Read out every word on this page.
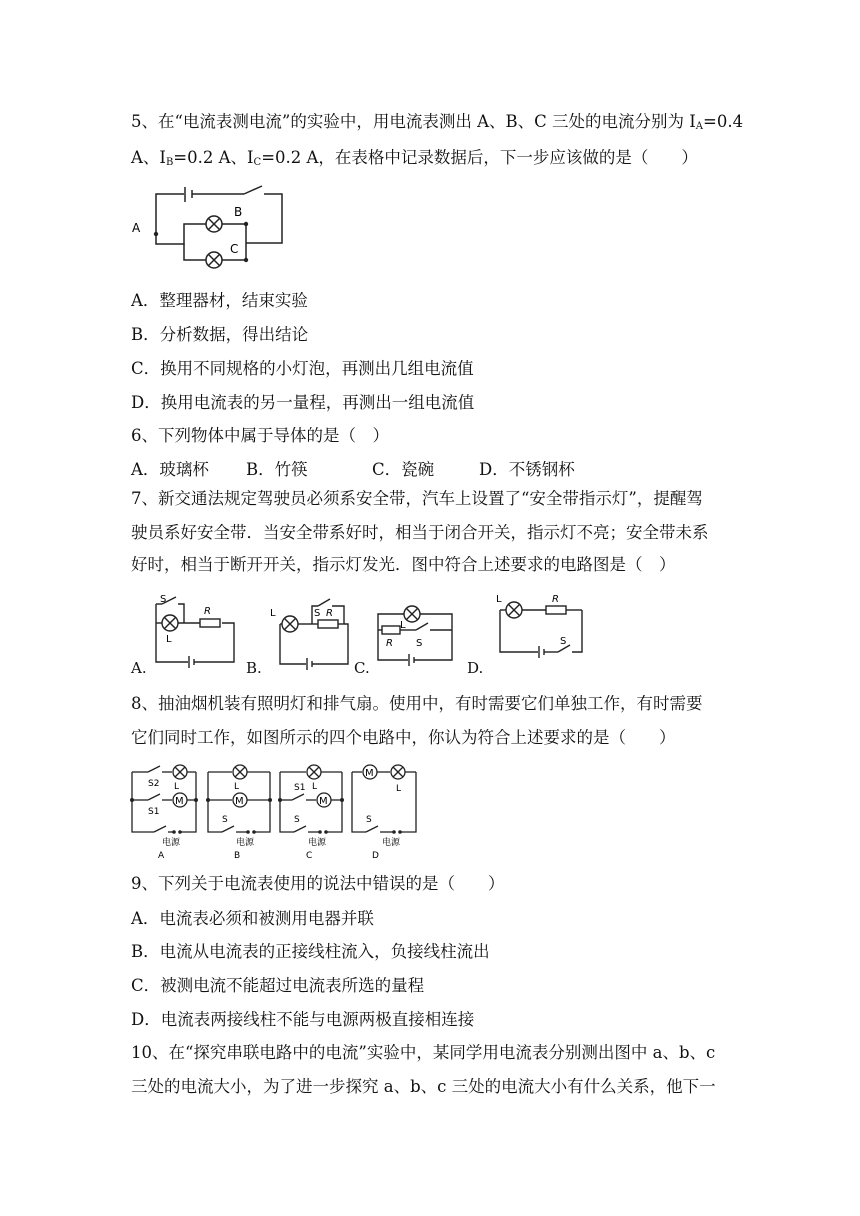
5、在“电流表测电流”的实验中，用电流表测出 A、B、C 三处的电流分别为 $I_A=0.4$
A、$I_B=0.2$ A、$I_C=0.2$ A，在表格中记录数据后，下一步应该做的是（　　）
A
B
C
A．整理器材，结束实验
B．分析数据，得出结论
C．换用不同规格的小灯泡，再测出几组电流值
D．换用电流表的另一量程，再测出一组电流值
6、下列物体中属于导体的是（　）
A．玻璃杯 B．竹筷	C．瓷碗	D．不锈钢杯
7、新交通法规定驾驶员必须系安全带，汽车上设置了“安全带指示灯”，提醒驾
驶员系好安全带．当安全带系好时，相当于闭合开关，指示灯不亮；安全带未系
好时，相当于断开开关，指示灯发光．图中符合上述要求的电路图是（　）
S
R
L
A.
L	S R
B.
L
R S
C.
L	R
S
D.
8、抽油烟机装有照明灯和排气扇。使用中，有时需要它们单独工作，有时需要
它们同时工作，如图所示的四个电路中，你认为符合上述要求的是（　　）
M
S2 L
S1
电源
A
M
L
S
电源
B
M
S1 L
S
电源
C
M
L
S
电源
D
9、下列关于电流表使用的说法中错误的是（　　）
A．电流表必须和被测用电器并联
B．电流从电流表的正接线柱流入，负接线柱流出
C．被测电流不能超过电流表所选的量程
D．电流表两接线柱不能与电源两极直接相连接
10、在“探究串联电路中的电流”实验中，某同学用电流表分别测出图中 a、b、c
三处的电流大小，为了进一步探究 a、b、c 三处的电流大小有什么关系，他下一
